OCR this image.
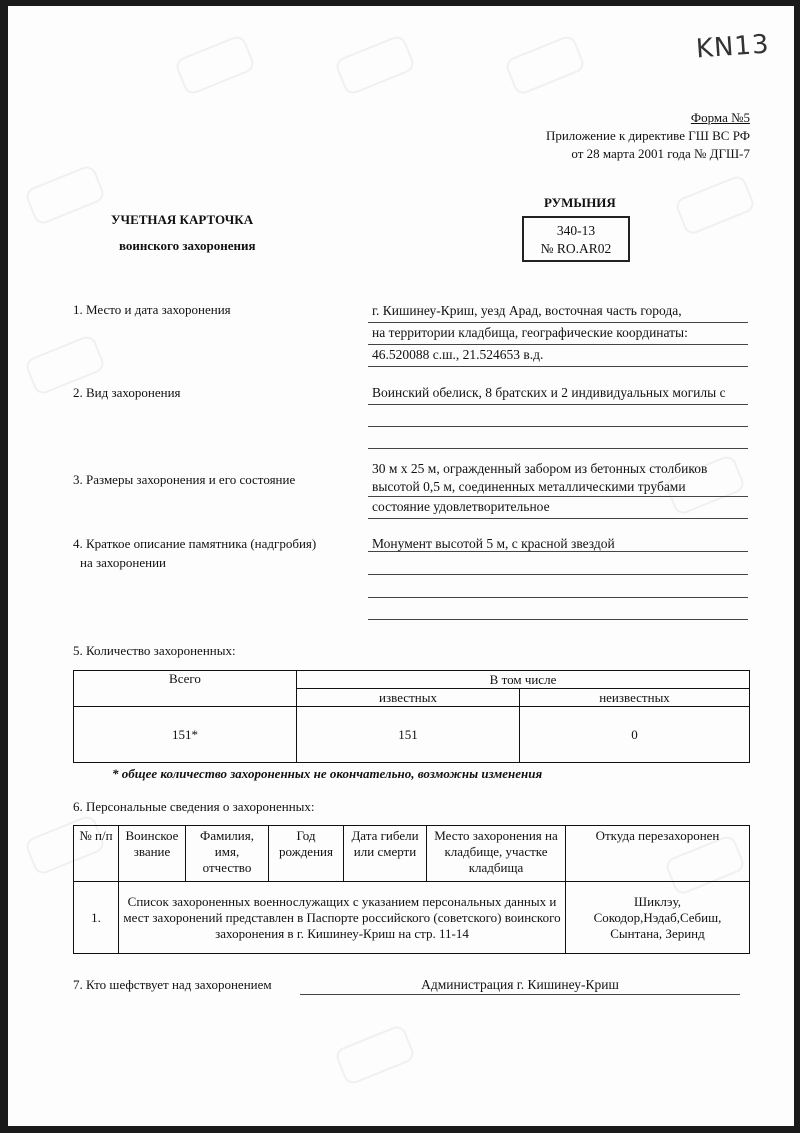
KN13
Форма №5
Приложение к директиве ГШ ВС РФ
от 28 марта 2001 года № ДГШ-7
УЧЕТНАЯ КАРТОЧКА
воинского захоронения
РУМЫНИЯ
340-13
№ RO.AR02
1. Место и дата захоронения	г. Кишинеу-Криш, уезд Арад, восточная часть города,
на территории кладбища, географические координаты:
46.520088 с.ш., 21.524653 в.д.
2. Вид захоронения	Воинский обелиск, 8 братских и 2 индивидуальных могилы с
3. Размеры захоронения и его состояние
30 м х 25 м, огражденный забором из бетонных столбиков
высотой 0,5 м, соединенных металлическими трубами
состояние удовлетворительное
4. Краткое описание памятника (надгробия)
на захоронении
Монумент высотой 5 м, с красной звездой
5. Количество захороненных:
Всего	В том числе	
	известных	неизвестных
151*	151	0
* общее количество захороненных не окончательно, возможны изменения
6. Персональные сведения о захороненных:
№ п/п	Воинское звание	Фамилия, имя, отчество	Год рождения	Дата гибели или смерти	Место захоронения на кладбище, участке кладбища	Откуда перезахоронен
1.	Список захороненных военнослужащих с указанием персональных данных и мест захоронений представлен в Паспорте российского (советского) воинского захоронения в г. Кишинеу-Криш на стр. 11-14					Шиклэу, Сокодор,Нэдаб,Себиш, Сынтана, Зеринд
7. Кто шефствует над захоронением	Администрация г. Кишинеу-Криш
